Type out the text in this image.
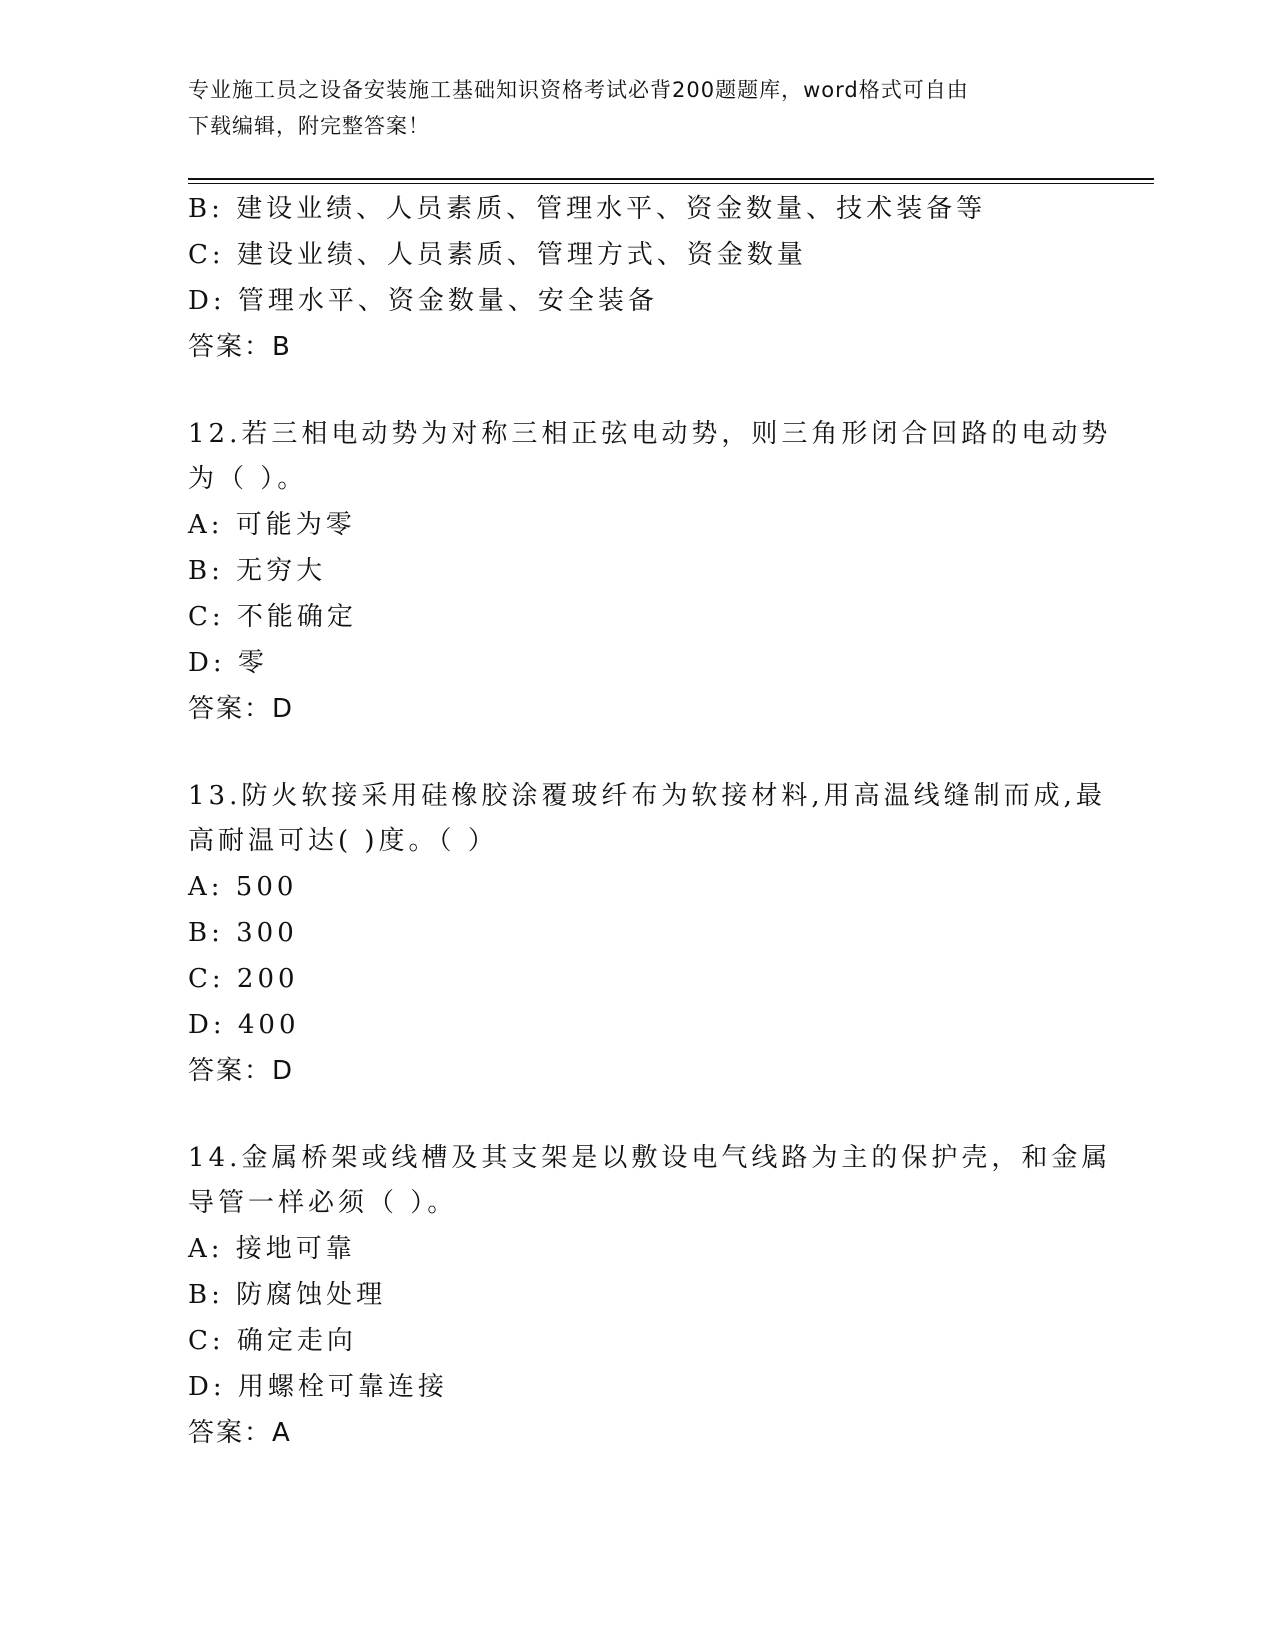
专业施工员之设备安装施工基础知识资格考试必背200题题库，word格式可自由
下载编辑，附完整答案！
B: 建设业绩、人员素质、管理水平、资金数量、技术装备等
C: 建设业绩、人员素质、管理方式、资金数量
D: 管理水平、资金数量、安全装备
答案：B
12.若三相电动势为对称三相正弦电动势，则三角形闭合回路的电动势
为（ ）。
A: 可能为零
B: 无穷大
C: 不能确定
D: 零
答案：D
13.防火软接采用硅橡胶涂覆玻纤布为软接材料,用高温线缝制而成,最
高耐温可达( )度。（ ）
A: 500
B: 300
C: 200
D: 400
答案：D
14.金属桥架或线槽及其支架是以敷设电气线路为主的保护壳，和金属
导管一样必须（ ）。
A: 接地可靠
B: 防腐蚀处理
C: 确定走向
D: 用螺栓可靠连接
答案：A
